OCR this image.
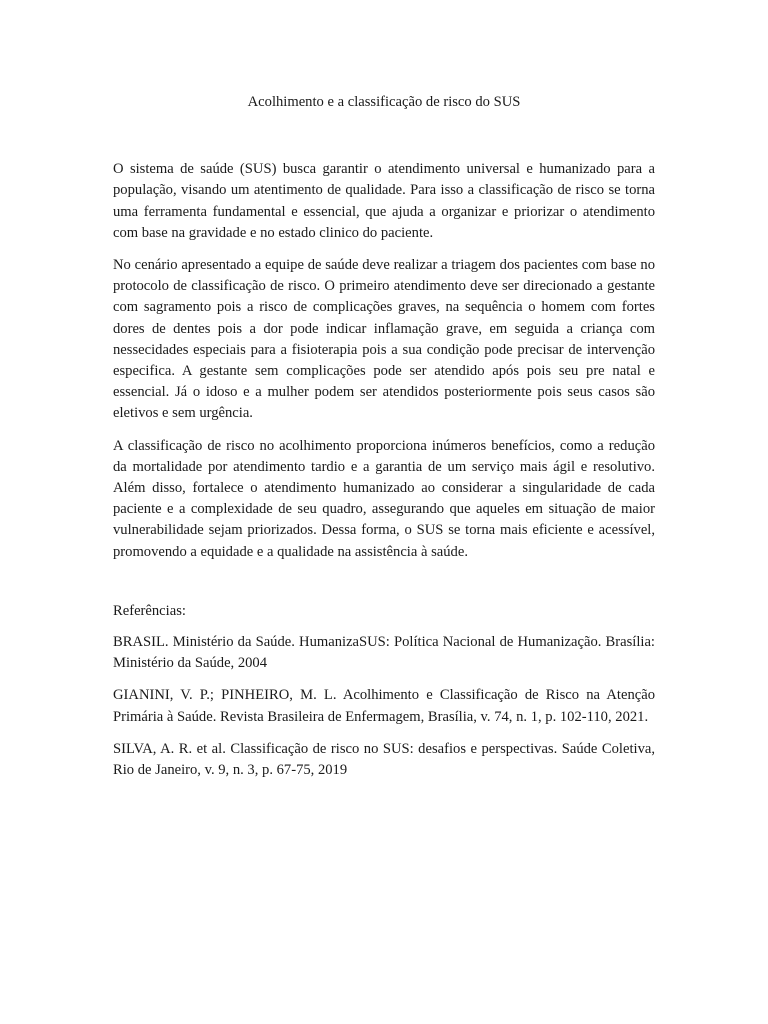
Acolhimento e a classificação de risco do SUS

O sistema de saúde (SUS) busca garantir o atendimento universal e humanizado para a população, visando um atentimento de qualidade. Para isso a classificação de risco se torna uma ferramenta fundamental e essencial, que ajuda a organizar e priorizar o atendimento com base na gravidade e no estado clinico do paciente.

No cenário apresentado a equipe de saúde deve realizar a triagem dos pacientes com base no protocolo de classificação de risco. O primeiro atendimento deve ser direcionado a gestante com sagramento pois a risco de complicações graves, na sequência o homem com fortes dores de dentes pois a dor pode indicar inflamação grave, em seguida a criança com nessecidades especiais para a fisioterapia pois a sua condição pode precisar de intervenção especifica. A gestante sem complicações pode ser atendido após pois seu pre natal e essencial. Já o idoso e a mulher podem ser atendidos posteriormente pois seus casos são eletivos e sem urgência.

A classificação de risco no acolhimento proporciona inúmeros benefícios, como a redução da mortalidade por atendimento tardio e a garantia de um serviço mais ágil e resolutivo. Além disso, fortalece o atendimento humanizado ao considerar a singularidade de cada paciente e a complexidade de seu quadro, assegurando que aqueles em situação de maior vulnerabilidade sejam priorizados. Dessa forma, o SUS se torna mais eficiente e acessível, promovendo a equidade e a qualidade na assistência à saúde.

Referências:

BRASIL. Ministério da Saúde. HumanizaSUS: Política Nacional de Humanização. Brasília: Ministério da Saúde, 2004

GIANINI, V. P.; PINHEIRO, M. L. Acolhimento e Classificação de Risco na Atenção Primária à Saúde. Revista Brasileira de Enfermagem, Brasília, v. 74, n. 1, p. 102-110, 2021.

SILVA, A. R. et al. Classificação de risco no SUS: desafios e perspectivas. Saúde Coletiva, Rio de Janeiro, v. 9, n. 3, p. 67-75, 2019
